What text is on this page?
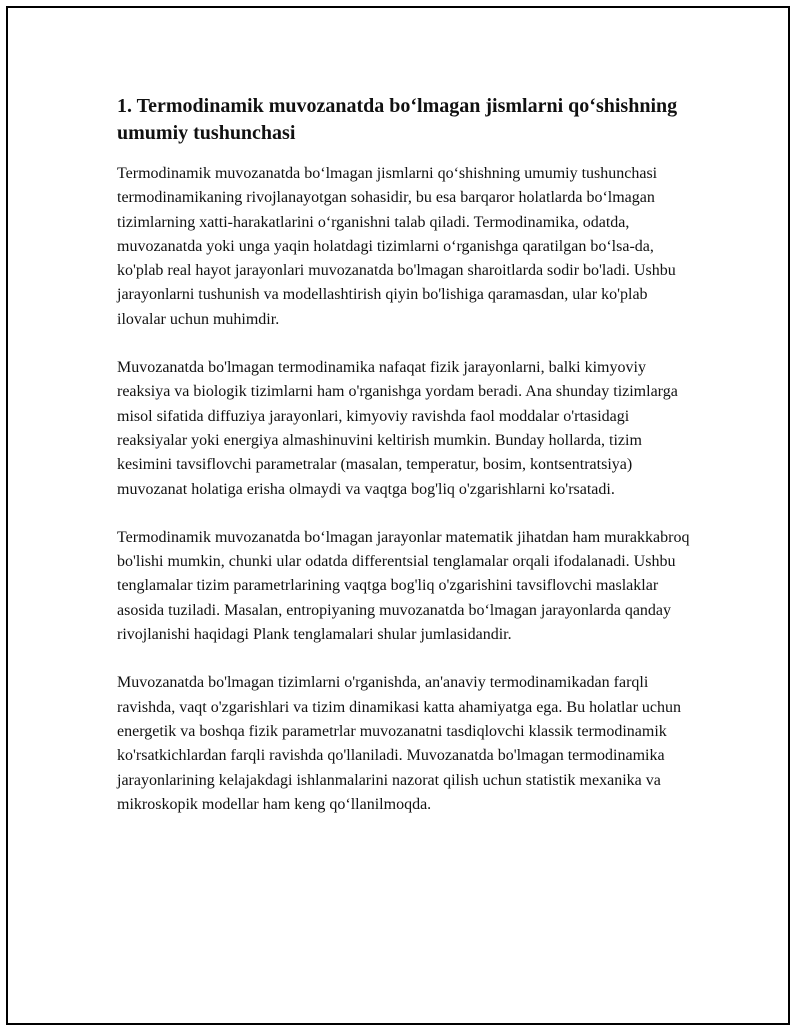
1. Termodinamik muvozanatda bo‘lmagan jismlarni qo‘shishning umumiy tushunchasi

Termodinamik muvozanatda bo‘lmagan jismlarni qo‘shishning umumiy tushunchasi termodinamikaning rivojlanayotgan sohasidir, bu esa barqaror holatlarda bo‘lmagan tizimlarning xatti-harakatlarini o‘rganishni talab qiladi. Termodinamika, odatda, muvozanatda yoki unga yaqin holatdagi tizimlarni o‘rganishga qaratilgan bo‘lsa-da, ko'plab real hayot jarayonlari muvozanatda bo'lmagan sharoitlarda sodir bo'ladi. Ushbu jarayonlarni tushunish va modellashtirish qiyin bo'lishiga qaramasdan, ular ko'plab ilovalar uchun muhimdir.

Muvozanatda bo'lmagan termodinamika nafaqat fizik jarayonlarni, balki kimyoviy reaksiya va biologik tizimlarni ham o'rganishga yordam beradi. Ana shunday tizimlarga misol sifatida diffuziya jarayonlari, kimyoviy ravishda faol moddalar o'rtasidagi reaksiyalar yoki energiya almashinuvini keltirish mumkin. Bunday hollarda, tizim kesimini tavsiflovchi parametralar (masalan, temperatur, bosim, kontsentratsiya) muvozanat holatiga erisha olmaydi va vaqtga bog'liq o'zgarishlarni ko'rsatadi.

Termodinamik muvozanatda bo‘lmagan jarayonlar matematik jihatdan ham murakkabroq bo'lishi mumkin, chunki ular odatda differentsial tenglamalar orqali ifodalanadi. Ushbu tenglamalar tizim parametrlarining vaqtga bog'liq o'zgarishini tavsiflovchi maslaklar asosida tuziladi. Masalan, entropiyaning muvozanatda bo‘lmagan jarayonlarda qanday rivojlanishi haqidagi Plank tenglamalari shular jumlasidandir.

Muvozanatda bo'lmagan tizimlarni o'rganishda, an'anaviy termodinamikadan farqli ravishda, vaqt o'zgarishlari va tizim dinamikasi katta ahamiyatga ega. Bu holatlar uchun energetik va boshqa fizik parametrlar muvozanatni tasdiqlovchi klassik termodinamik ko'rsatkichlardan farqli ravishda qo'llaniladi. Muvozanatda bo'lmagan termodinamika jarayonlarining kelajakdagi ishlanmalarini nazorat qilish uchun statistik mexanika va mikroskopik modellar ham keng qo‘llanilmoqda.
